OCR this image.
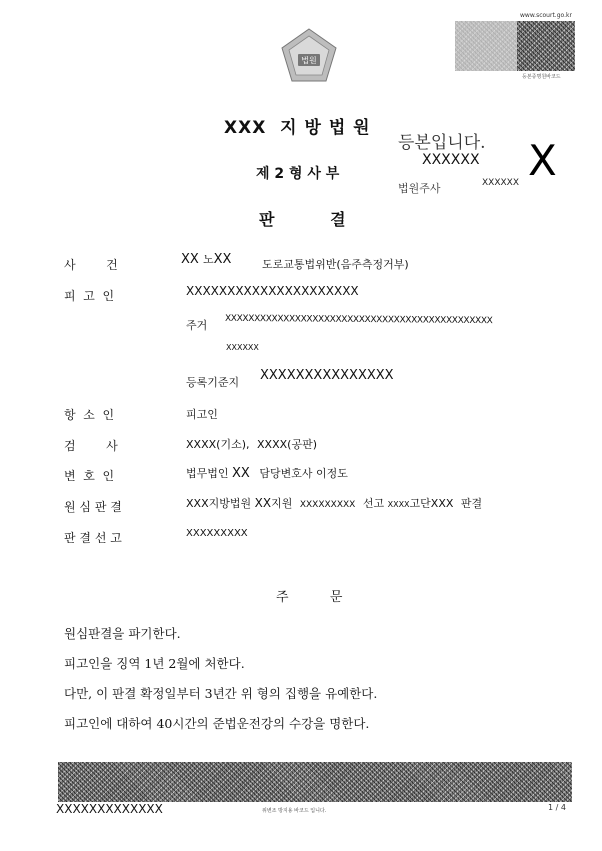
법원
www.scourt.go.kr
등본증명원바코드
XXX  지 방 법 원
제 2 형 사 부
판          결
등본입니다.
XXXXXX X
법원주사	XXXXXX
사        건	XX 노XX	도로교통법위반(음주측정거부)
피  고  인	XXXXXXXXXXXXXXXXXXXXX
주거 XXXXXXXXXXXXXXXXXXXXXXXXXXXXXXXXXXXXXXXXXXXXXX
XXXXXX
등록기준지 XXXXXXXXXXXXXXX
항  소  인	피고인
검        사	XXXX(기소), XXXX(공판)
변  호  인	법무법인 XX 담당변호사 이정도
원 심 판 결	XXX지방법원 XX지원 XXXXXXXXX 선고 XXXX고단XXX 판결
판 결 선 고	XXXXXXXXX
주          문
원심판결을 파기한다.
피고인을 징역 1년 2월에 처한다.
다만, 이 판결 확정일부터 3년간 위 형의 집행을 유예한다.
피고인에 대하여 40시간의 준법운전강의 수강을 명한다.
XXXXXXXXXXXXX	위변조 방지용 바코드 입니다.	1 / 4
